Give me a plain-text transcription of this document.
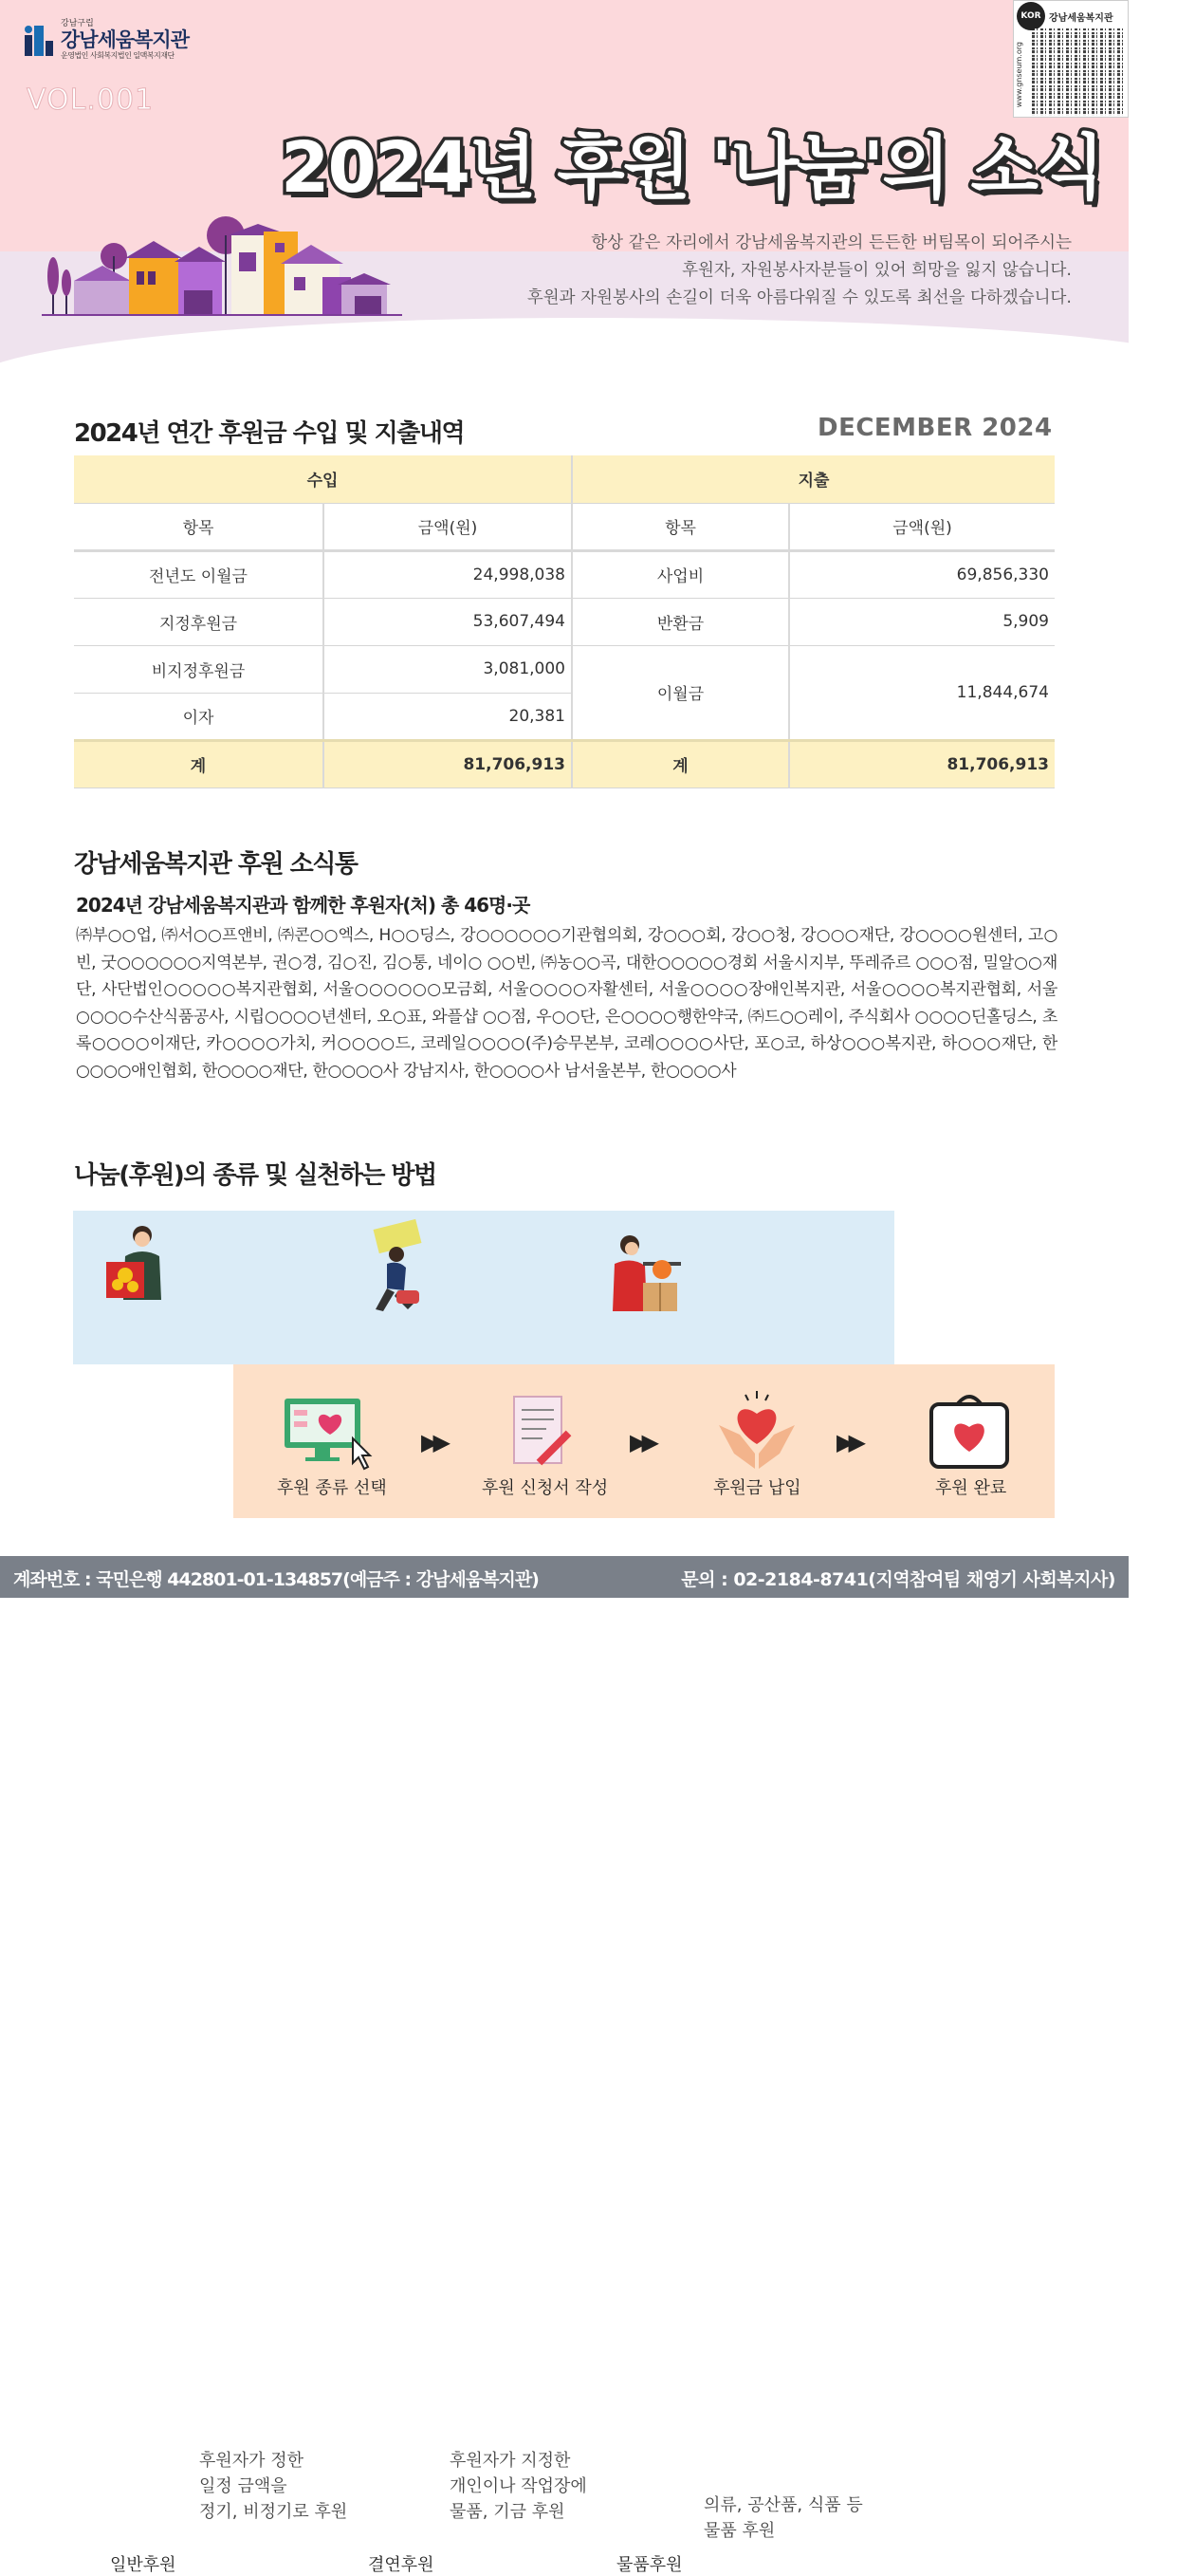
강남구립
강남세움복지관
운영법인 사회복지법인 일맥복지재단
VOL.001
KOR 강남세움복지관
www.gnseum.org
2024년 후원 '나눔'의 소식
항상 같은 자리에서 강남세움복지관의 든든한 버팀목이 되어주시는
후원자, 자원봉사자분들이 있어 희망을 잃지 않습니다.
후원과 자원봉사의 손길이 더욱 아름다워질 수 있도록 최선을 다하겠습니다.
2024년 연간 후원금 수입 및 지출내역	DECEMBER 2024
수입		지출	
항목	금액(원)	항목	금액(원)
전년도 이월금	24,998,038	사업비	69,856,330
지정후원금	53,607,494	반환금	5,909
비지정후원금	3,081,000	이월금	11,844,674
이자	20,381		
계	81,706,913	계	81,706,913
강남세움복지관 후원 소식통
2024년 강남세움복지관과 함께한 후원자(처) 총 46명·곳
㈜부○○업, ㈜서○○프앤비, ㈜콘○○엑스, H○○딩스, 강○○○○○○기관협의회, 강○○○회, 강○○청, 강○○○재단, 강○○○○원센터, 고○빈, 굿○○○○○○지역본부, 권○경, 김○진, 김○통, 네이○ ○○빈, ㈜농○○곡, 대한○○○○○경회 서울시지부, 뚜레쥬르 ○○○점, 밀알○○재단, 사단법인○○○○○복지관협회, 서울○○○○○○모금회, 서울○○○○자활센터, 서울○○○○장애인복지관, 서울○○○○복지관협회, 서울○○○○수산식품공사, 시립○○○○년센터, 오○표, 와플샵 ○○점, 우○○단, 은○○○○행한약국, ㈜드○○레이, 주식회사 ○○○○딘홀딩스, 초록○○○○이재단, 카○○○○가치, 커○○○○드, 코레일○○○○(주)승무본부, 코레○○○○사단, 포○코, 하상○○○복지관, 하○○○재단, 한○○○○애인협회, 한○○○○재단, 한○○○○사 강남지사, 한○○○○사 남서울본부, 한○○○○사
나눔(후원)의 종류 및 실천하는 방법
후원자가 정한
일정 금액을
정기, 비정기로 후원
일반후원
후원자가 지정한
개인이나 작업장에
물품, 기금 후원
결연후원
의류, 공산품, 식품 등
물품 후원
물품후원
후원 종류 선택	후원 신청서 작성	후원금 납입	후원 완료
▶▶	▶▶	▶▶
계좌번호 : 국민은행 442801-01-134857(예금주 : 강남세움복지관)	문의 : 02-2184-8741(지역참여팀 채영기 사회복지사)
